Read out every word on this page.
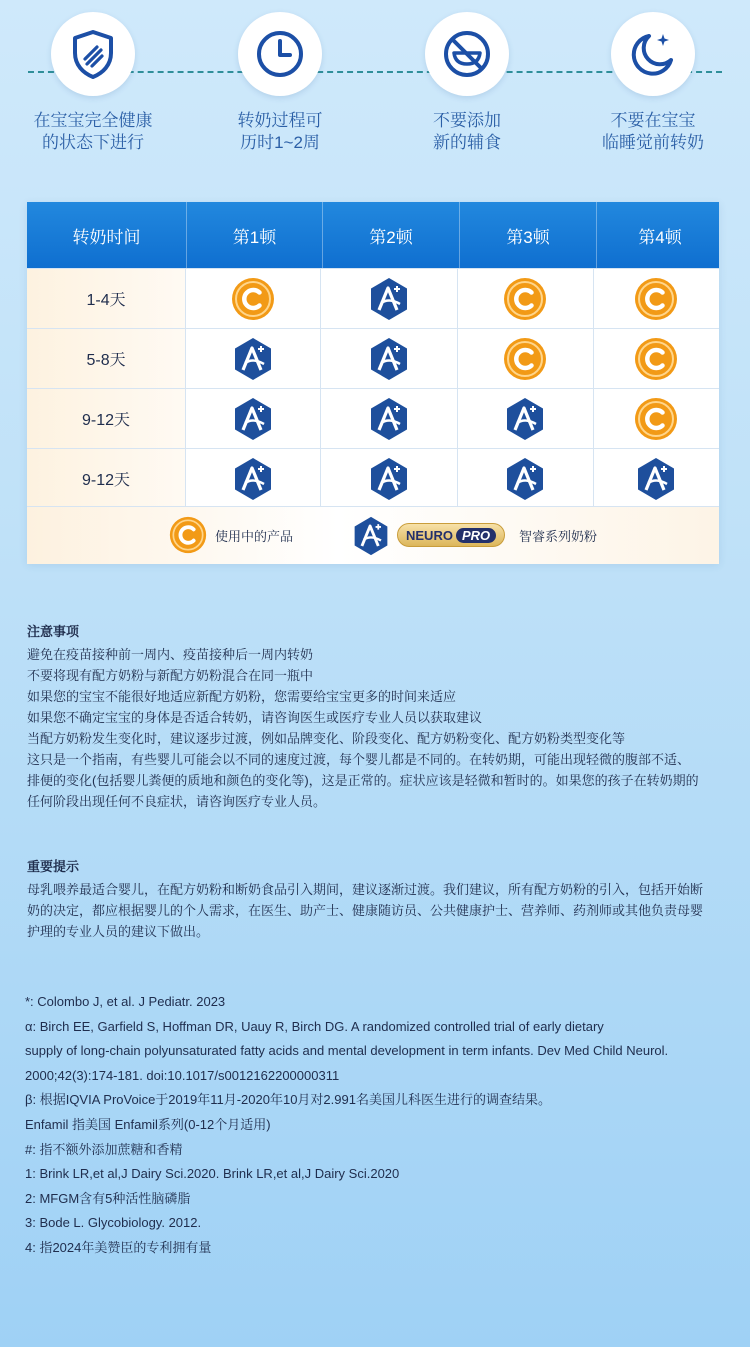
在宝宝完全健康
的状态下进行
转奶过程可
历时1~2周
不要添加
新的辅食
不要在宝宝
临睡觉前转奶
转奶时间	第1顿	第2顿	第3顿	第4顿
1-4天
5-8天
9-12天
9-12天
使用中的产品	NEURO PRO	智睿系列奶粉
注意事项
避免在疫苗接种前一周内、疫苗接种后一周内转奶
不要将现有配方奶粉与新配方奶粉混合在同一瓶中
如果您的宝宝不能很好地适应新配方奶粉，您需要给宝宝更多的时间来适应
如果您不确定宝宝的身体是否适合转奶，请咨询医生或医疗专业人员以获取建议
当配方奶粉发生变化时，建议逐步过渡，例如品牌变化、阶段变化、配方奶粉变化、配方奶粉类型变化等
这只是一个指南，有些婴儿可能会以不同的速度过渡，每个婴儿都是不同的。在转奶期，可能出现轻微的腹部不适、
排便的变化(包括婴儿粪便的质地和颜色的变化等)，这是正常的。症状应该是轻微和暂时的。如果您的孩子在转奶期的
任何阶段出现任何不良症状，请咨询医疗专业人员。
重要提示
母乳喂养最适合婴儿，在配方奶粉和断奶食品引入期间，建议逐渐过渡。我们建议，所有配方奶粉的引入，包括开始断
奶的决定，都应根据婴儿的个人需求，在医生、助产士、健康随访员、公共健康护士、营养师、药剂师或其他负责母婴
护理的专业人员的建议下做出。
*: Colombo J, et al. J Pediatr. 2023
α: Birch EE, Garfield S, Hoffman DR, Uauy R, Birch DG. A randomized controlled trial of early dietary
supply of long-chain polyunsaturated fatty acids and mental development in term infants. Dev Med Child Neurol.
2000;42(3):174-181. doi:10.1017/s0012162200000311
β: 根据IQVIA ProVoice于2019年11月-2020年10月对2.991名美国儿科医生进行的调查结果。
Enfamil 指美国 Enfamil系列(0-12个月适用)
#: 指不额外添加蔗糖和香精
1: Brink LR,et al,J Dairy Sci.2020. Brink LR,et al,J Dairy Sci.2020
2: MFGM含有5种活性脑磷脂
3: Bode L. Glycobiology. 2012.
4: 指2024年美赞臣的专利拥有量
